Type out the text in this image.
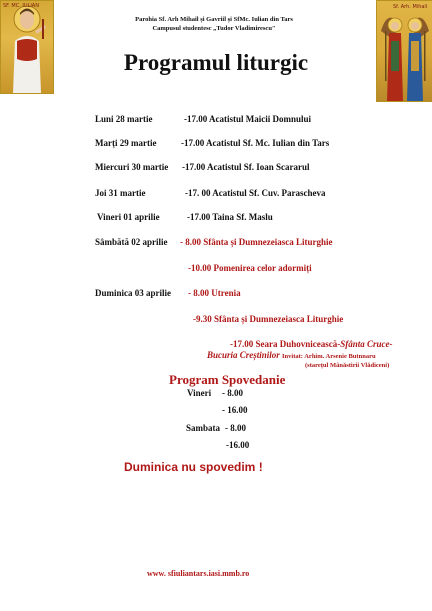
SF. MC. IULIAN	Sf. Arh. Mihail
Parohia Sf. Arh Mihail și Gavriil și SfMc. Iulian din Tars
Campusul studentesc „Tudor Vladimirescu"
Programul liturgic
Luni 28 martie	-17.00 Acatistul Maicii Domnului
Marți 29 martie	-17.00 Acatistul Sf. Mc. Iulian din Tars
Miercuri 30 martie -17.00 Acatistul Sf. Ioan Scararul
Joi 31 martie	-17. 00 Acatistul Sf. Cuv. Parascheva
Vineri 01 aprilie	-17.00 Taina Sf. Maslu
Sâmbătă 02 aprilie - 8.00 Sfânta și Dumnezeiasca Liturghie
-10.00 Pomenirea celor adormiți
Duminica 03 aprilie - 8.00 Utrenia
-9.30 Sfânta și Dumnezeiasca Liturghie
-17.00 Seara Duhovnicească-Sfânta Cruce-
Bucuria Creștinilor Invitat: Arhim. Arsenie Butnnaru
(starețul Mânăstirii Vlădiceni)
Program Spovedanie
Vineri - 8.00
- 16.00
Sambata - 8.00
-16.00
Duminica nu spovedim !
www. sfiuliantars.iasi.mmb.ro
